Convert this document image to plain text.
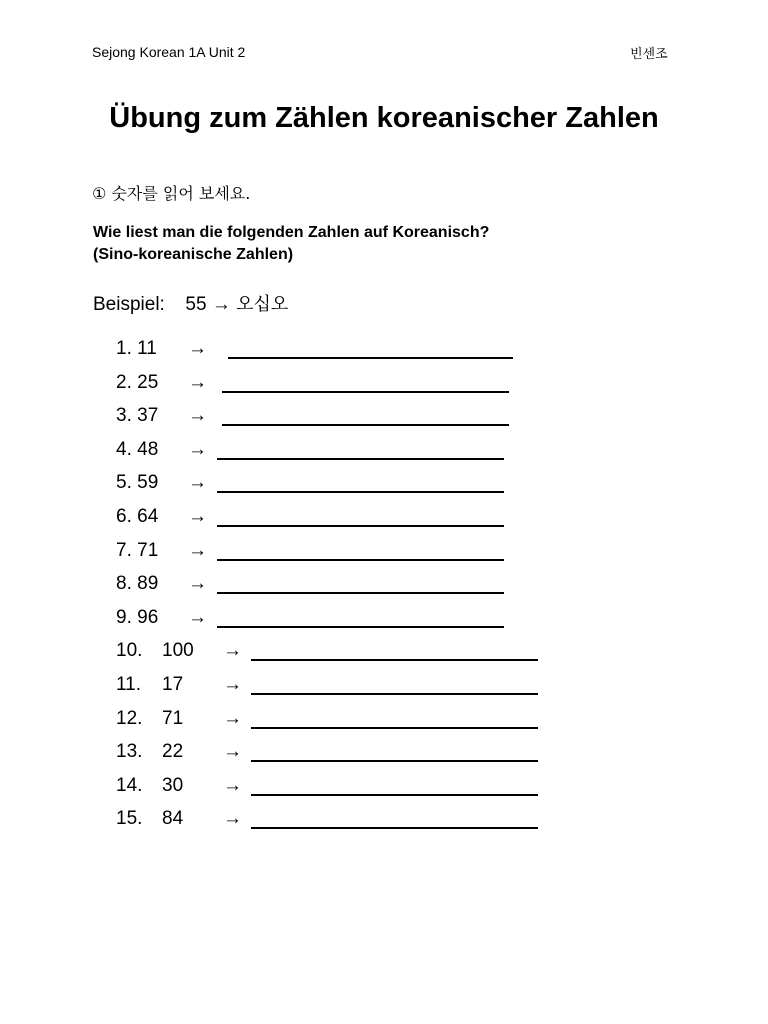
Sejong Korean 1A Unit 2	빈센조
Übung zum Zählen koreanischer Zahlen
① 숫자를 읽어 보세요.
Wie liest man die folgenden Zahlen auf Koreanisch?
(Sino-koreanische Zahlen)
Beispiel: 55 → 오십오
1. 11 →
2. 25 →
3. 37 →
4. 48 →
5. 59 →
6. 64 →
7. 71 →
8. 89 →
9. 96 →
10. 100 →
11. 17 →
12. 71 →
13. 22 →
14. 30 →
15. 84 →
